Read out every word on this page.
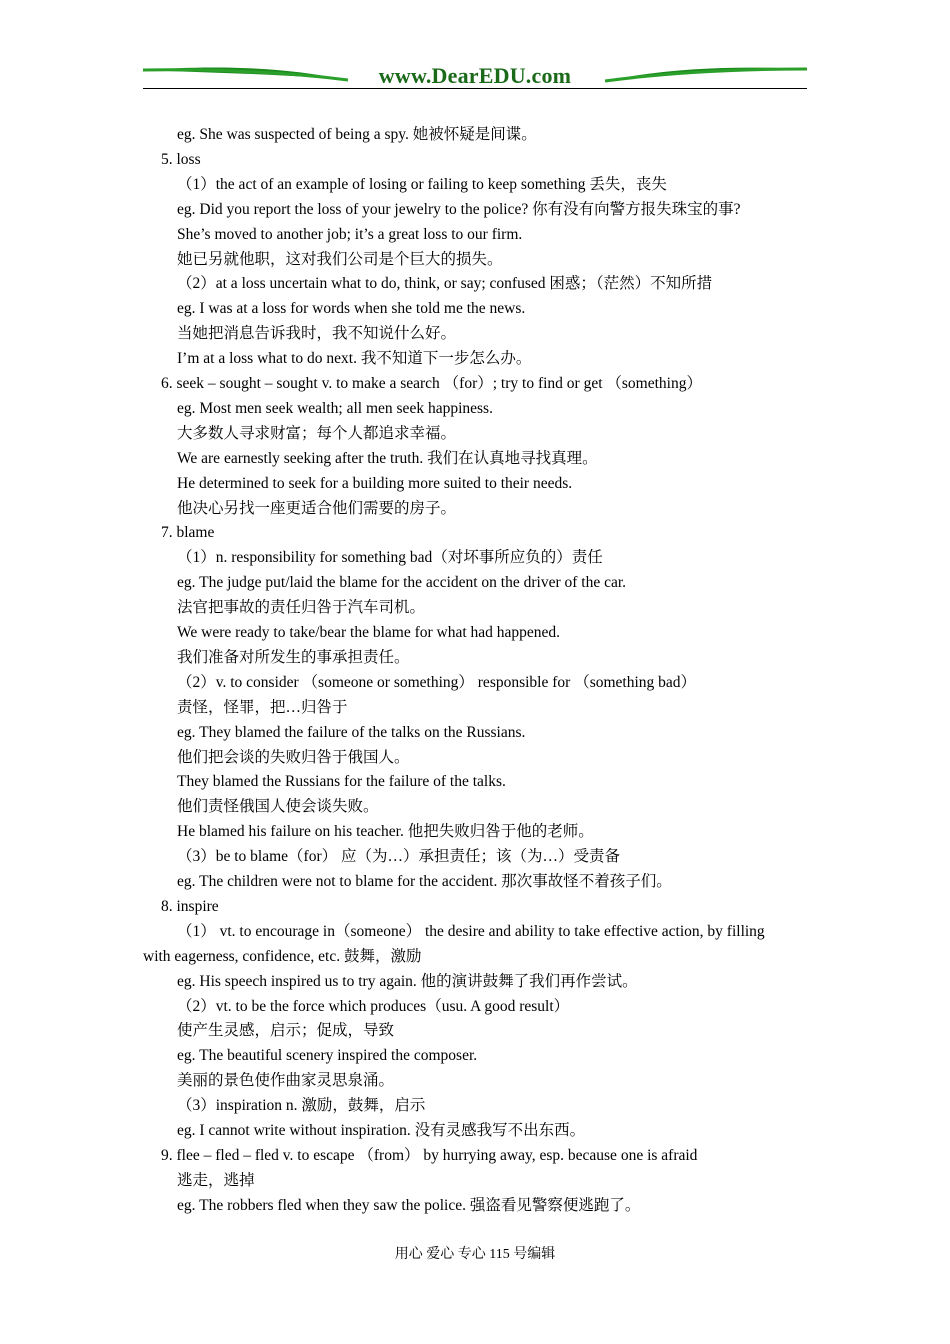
www.DearEDU.com
eg. She was suspected of being a spy. 她被怀疑是间谍。
5. loss
（1）the act of an example of losing or failing to keep something 丢失，丧失
eg. Did you report the loss of your jewelry to the police? 你有没有向警方报失珠宝的事?
She’s moved to another job; it’s a great loss to our firm.
她已另就他职，这对我们公司是个巨大的损失。
（2）at a loss uncertain what to do, think, or say; confused 困惑；（茫然）不知所措
eg. I was at a loss for words when she told me the news.
当她把消息告诉我时，我不知说什么好。
I’m at a loss what to do next. 我不知道下一步怎么办。
6. seek – sought – sought v. to make a search （for）; try to find or get （something）
eg. Most men seek wealth; all men seek happiness.
大多数人寻求财富；每个人都追求幸福。
We are earnestly seeking after the truth. 我们在认真地寻找真理。
He determined to seek for a building more suited to their needs.
他决心另找一座更适合他们需要的房子。
7. blame
（1）n. responsibility for something bad（对坏事所应负的）责任
eg. The judge put/laid the blame for the accident on the driver of the car.
法官把事故的责任归咎于汽车司机。
We were ready to take/bear the blame for what had happened.
我们准备对所发生的事承担责任。
（2）v. to consider （someone or something） responsible for （something bad）
责怪，怪罪，把…归咎于
eg. They blamed the failure of the talks on the Russians.
他们把会谈的失败归咎于俄国人。
They blamed the Russians for the failure of the talks.
他们责怪俄国人使会谈失败。
He blamed his failure on his teacher. 他把失败归咎于他的老师。
（3）be to blame（for） 应（为…）承担责任；该（为…）受责备
eg. The children were not to blame for the accident. 那次事故怪不着孩子们。
8. inspire
（1） vt. to encourage in（someone） the desire and ability to take effective action, by filling
with eagerness, confidence, etc. 鼓舞，激励
eg. His speech inspired us to try again. 他的演讲鼓舞了我们再作尝试。
（2）vt. to be the force which produces（usu. A good result）
使产生灵感，启示；促成，导致
eg. The beautiful scenery inspired the composer.
美丽的景色使作曲家灵思泉涌。
（3）inspiration n. 激励，鼓舞，启示
eg. I cannot write without inspiration. 没有灵感我写不出东西。
9. flee – fled – fled v. to escape （from） by hurrying away, esp. because one is afraid
逃走，逃掉
eg. The robbers fled when they saw the police. 强盗看见警察便逃跑了。
用心 爱心 专心 115 号编辑
